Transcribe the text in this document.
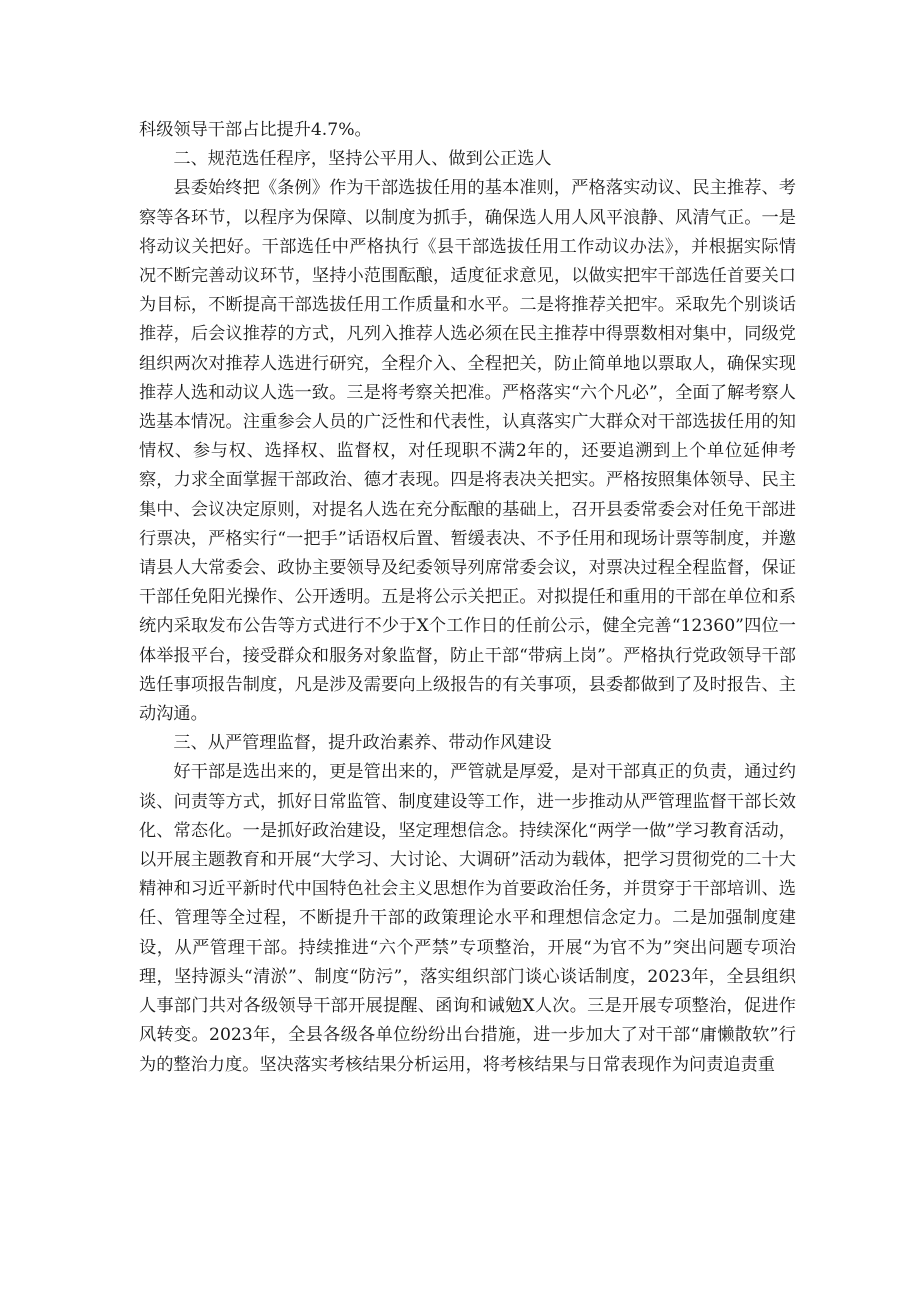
科级领导干部占比提升4.7%。

二、规范选任程序，坚持公平用人、做到公正选人

县委始终把《条例》作为干部选拔任用的基本准则，严格落实动议、民主推荐、考察等各环节，以程序为保障、以制度为抓手，确保选人用人风平浪静、风清气正。一是将动议关把好。干部选任中严格执行《县干部选拔任用工作动议办法》，并根据实际情况不断完善动议环节，坚持小范围酝酿，适度征求意见，以做实把牢干部选任首要关口为目标，不断提高干部选拔任用工作质量和水平。二是将推荐关把牢。采取先个别谈话推荐，后会议推荐的方式，凡列入推荐人选必须在民主推荐中得票数相对集中，同级党组织两次对推荐人选进行研究，全程介入、全程把关，防止简单地以票取人，确保实现推荐人选和动议人选一致。三是将考察关把准。严格落实“六个凡必”，全面了解考察人选基本情况。注重参会人员的广泛性和代表性，认真落实广大群众对干部选拔任用的知情权、参与权、选择权、监督权，对任现职不满2年的，还要追溯到上个单位延伸考察，力求全面掌握干部政治、德才表现。四是将表决关把实。严格按照集体领导、民主集中、会议决定原则，对提名人选在充分酝酿的基础上，召开县委常委会对任免干部进行票决，严格实行“一把手”话语权后置、暂缓表决、不予任用和现场计票等制度，并邀请县人大常委会、政协主要领导及纪委领导列席常委会议，对票决过程全程监督，保证干部任免阳光操作、公开透明。五是将公示关把正。对拟提任和重用的干部在单位和系统内采取发布公告等方式进行不少于X个工作日的任前公示，健全完善“12360”四位一体举报平台，接受群众和服务对象监督，防止干部“带病上岗”。严格执行党政领导干部选任事项报告制度，凡是涉及需要向上级报告的有关事项，县委都做到了及时报告、主动沟通。

三、从严管理监督，提升政治素养、带动作风建设

好干部是选出来的，更是管出来的，严管就是厚爱，是对干部真正的负责，通过约谈、问责等方式，抓好日常监管、制度建设等工作，进一步推动从严管理监督干部长效化、常态化。一是抓好政治建设，坚定理想信念。持续深化“两学一做”学习教育活动，以开展主题教育和开展“大学习、大讨论、大调研”活动为载体，把学习贯彻党的二十大精神和习近平新时代中国特色社会主义思想作为首要政治任务，并贯穿于干部培训、选任、管理等全过程，不断提升干部的政策理论水平和理想信念定力。二是加强制度建设，从严管理干部。持续推进“六个严禁”专项整治，开展“为官不为”突出问题专项治理，坚持源头“清淤”、制度“防污”，落实组织部门谈心谈话制度，2023年，全县组织人事部门共对各级领导干部开展提醒、函询和诫勉X人次。三是开展专项整治，促进作风转变。2023年，全县各级各单位纷纷出台措施，进一步加大了对干部“庸懒散软”行为的整治力度。坚决落实考核结果分析运用，将考核结果与日常表现作为问责追责重
